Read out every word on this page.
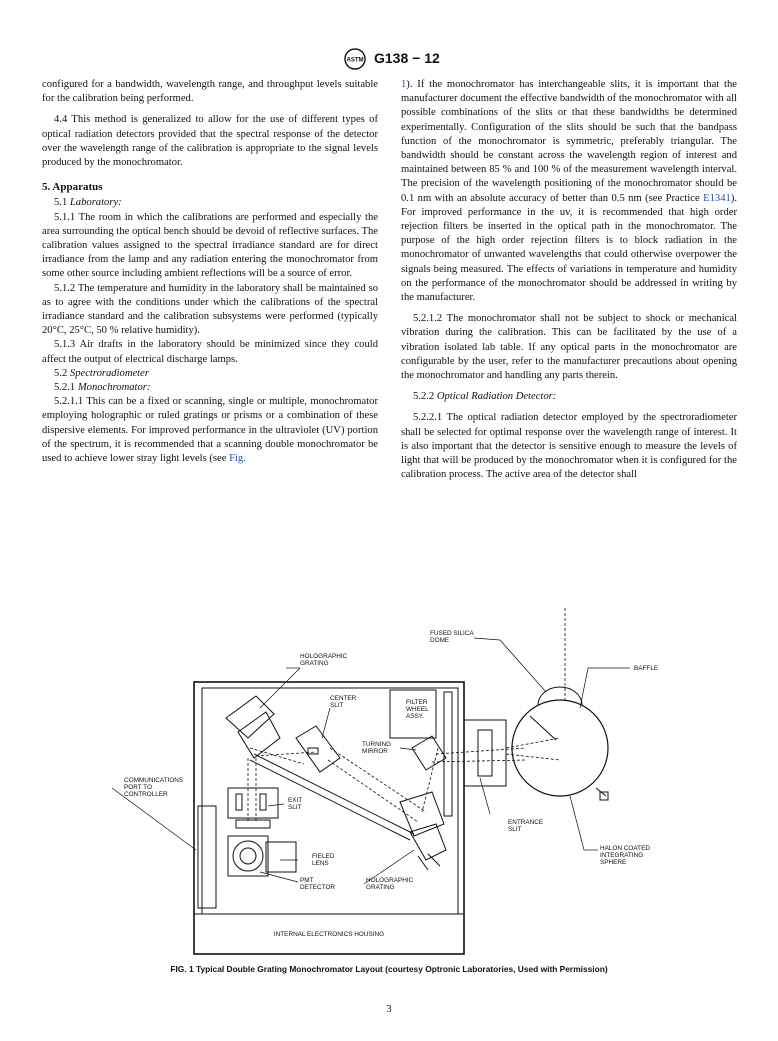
ASTM G138 − 12

configured for a bandwidth, wavelength range, and throughput levels suitable for the calibration being performed.

4.4 This method is generalized to allow for the use of different types of optical radiation detectors provided that the spectral response of the detector over the wavelength range of the calibration is appropriate to the signal levels produced by the monochromator.

5. Apparatus

5.1 Laboratory:

5.1.1 The room in which the calibrations are performed and especially the area surrounding the optical bench should be devoid of reflective surfaces. The calibration values assigned to the spectral irradiance standard are for direct irradiance from the lamp and any radiation entering the monochromator from some other source including ambient reflections will be a source of error.

5.1.2 The temperature and humidity in the laboratory shall be maintained so as to agree with the conditions under which the calibrations of the spectral irradiance standard and the calibration subsystems were performed (typically 20°C, 25°C, 50 % relative humidity).

5.1.3 Air drafts in the laboratory should be minimized since they could affect the output of electrical discharge lamps.

5.2 Spectroradiometer

5.2.1 Monochromator:

5.2.1.1 This can be a fixed or scanning, single or multiple, monochromator employing holographic or ruled gratings or prisms or a combination of these dispersive elements. For improved performance in the ultraviolet (UV) portion of the spectrum, it is recommended that a scanning double monochromator be used to achieve lower stray light levels (see Fig.

1). If the monochromator has interchangeable slits, it is important that the manufacturer document the effective bandwidth of the monochromator with all possible combinations of the slits or that these bandwidths be determined experimentally. Configuration of the slits should be such that the bandpass function of the monochromator is symmetric, preferably triangular. The bandwidth should be constant across the wavelength region of interest and maintained between 85 % and 100 % of the measurement wavelength interval. The precision of the wavelength positioning of the monochromator should be 0.1 nm with an absolute accuracy of better than 0.5 nm (see Practice E1341). For improved performance in the uv, it is recommended that high order rejection filters be inserted in the optical path in the monochromator. The purpose of the high order rejection filters is to block radiation in the monochromator of unwanted wavelengths that could otherwise overpower the signals being measured. The effects of variations in temperature and humidity on the performance of the monochromator should be addressed in writing by the manufacturer.

5.2.1.2 The monochromator shall not be subject to shock or mechanical vibration during the calibration. This can be facilitated by the use of a vibration isolated lab table. If any optical parts in the monochromator are configurable by the user, refer to the manufacturer precautions about opening the monochromator and handling any parts therein.

5.2.2 Optical Radiation Detector:

5.2.2.1 The optical radiation detector employed by the spectroradiometer shall be selected for optimal response over the wavelength range of interest. It is also important that the detector is sensitive enough to measure the levels of light that will be produced by the monochromator when it is configured for the calibration process. The active area of the detector shall

HOLOGRAPHIC GRATING
CENTER SLIT	FILTER WHEEL ASSY.
FUSED SILICA DOME
BAFFLE
TURNING MIRROR
COMMUNICATIONS PORT TO CONTROLLER
EXIT SLIT
ENTRANCE SLIT
FIELED LENS
PMT DETECTOR
HOLOGRAPHIC GRATING
HALON COATED INTEGRATING SPHERE
INTERNAL ELECTRONICS HOUSING
FIG. 1 Typical Double Grating Monochromator Layout (courtesy Optronic Laboratories, Used with Permission)
3
